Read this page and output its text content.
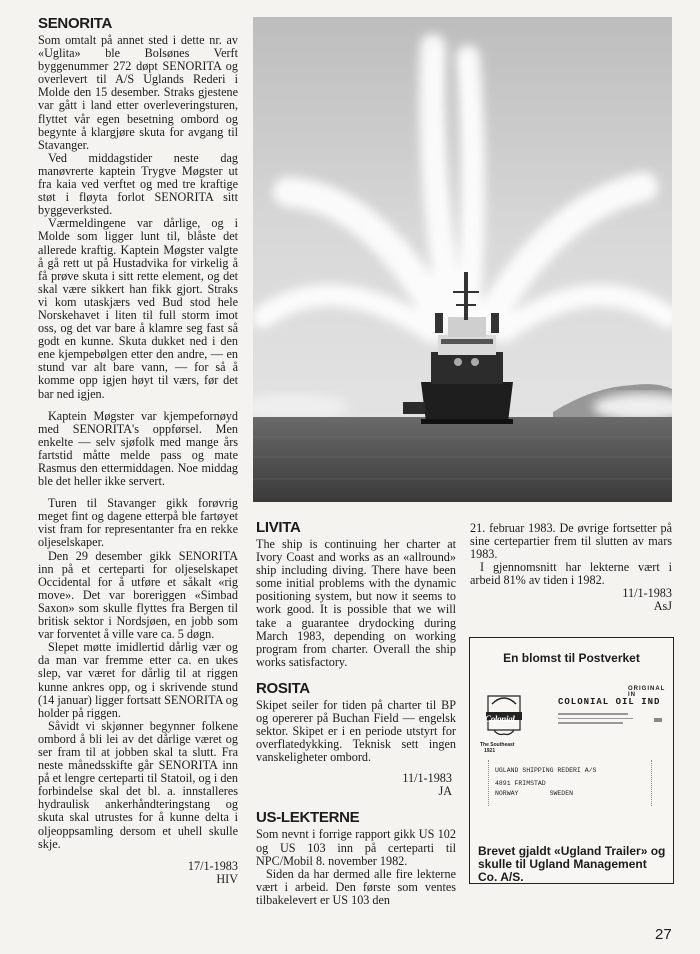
SENORITA

Som omtalt på annet sted i dette nr. av «Uglita» ble Bolsønes Verft byggenummer 272 døpt SENORITA og overlevert til A/S Uglands Rederi i Molde den 15 desember. Straks gjestene var gått i land etter overleveringsturen, flyttet vår egen besetning ombord og begynte å klargjøre skuta for avgang til Stavanger.

Ved middagstider neste dag manøvrerte kaptein Trygve Møgster ut fra kaia ved verftet og med tre kraftige støt i fløyta forlot SENORITA sitt byggeverksted.

Værmeldingene var dårlige, og i Molde som ligger lunt til, blåste det allerede kraftig. Kaptein Møgster valgte å gå rett ut på Hustadvika for virkelig å få prøve skuta i sitt rette element, og det skal være sikkert han fikk gjort. Straks vi kom utaskjærs ved Bud stod hele Norskehavet i liten til full storm imot oss, og det var bare å klamre seg fast så godt en kunne. Skuta dukket ned i den ene kjempebølgen etter den andre, — en stund var alt bare vann, — for så å komme opp igjen høyt til værs, før det bar ned igjen.

Kaptein Møgster var kjempefornøyd med SENORITA's oppførsel. Men enkelte — selv sjøfolk med mange års fartstid måtte melde pass og mate Rasmus den ettermiddagen. Noe middag ble det heller ikke servert.

Turen til Stavanger gikk forøvrig meget fint og dagene etterpå ble fartøyet vist fram for representanter fra en rekke oljeselskaper.

Den 29 desember gikk SENORITA inn på et certeparti for oljeselskapet Occidental for å utføre et såkalt «rig move». Det var boreriggen «Simbad Saxon» som skulle flyttes fra Bergen til britisk sektor i Nordsjøen, en jobb som var forventet å ville vare ca. 5 døgn.

Slepet møtte imidlertid dårlig vær og da man var fremme etter ca. en ukes slep, var været for dårlig til at riggen kunne ankres opp, og i skrivende stund (14 januar) ligger fortsatt SENORITA og holder på riggen.

Såvidt vi skjønner begynner folkene ombord å bli lei av det dårlige været og ser fram til at jobben skal ta slutt. Fra neste månedsskifte går SENORITA inn på et lengre certeparti til Statoil, og i den forbindelse skal det bl. a. innstalleres hydraulisk ankerhåndteringstang og skuta skal utrustes for å kunne delta i oljeoppsamling dersom et uhell skulle skje.

17/1-1983
HIV
LIVITA

The ship is continuing her charter at Ivory Coast and works as an «allround» ship including diving. There have been some initial problems with the dynamic positioning system, but now it seems to work good. It is possible that we will take a guarantee drydocking during March 1983, depending on working program from charter. Overall the ship works satisfactory.

ROSITA

Skipet seiler for tiden på charter til BP og opererer på Buchan Field — engelsk sektor. Skipet er i en periode utstyrt for overflatedykking. Teknisk sett ingen vanskeligheter ombord.

11/1-1983
JA
US-LEKTERNE

Som nevnt i forrige rapport gikk US 102 og US 103 inn på certeparti til NPC/Mobil 8. november 1982.

Siden da har dermed alle fire lekterne vært i arbeid. Den første som ventes tilbakelevert er US 103 den

21. februar 1983. De øvrige fortsetter på sine certepartier frem til slutten av mars 1983.

I gjennomsnitt har lekterne vært i arbeid 81% av tiden i 1982.

11/1-1983
AsJ
En blomst til Postverket
Colonial
The Southeast
1921
ORIGINAL IN
COLONIAL OIL IND
UGLAND SHIPPING REDERI A/S
4891 FRIMSTAD
NORWAY        SWEDEN
Brevet gjaldt «Ugland Trailer» og skulle til Ugland Management Co. A/S.
27
